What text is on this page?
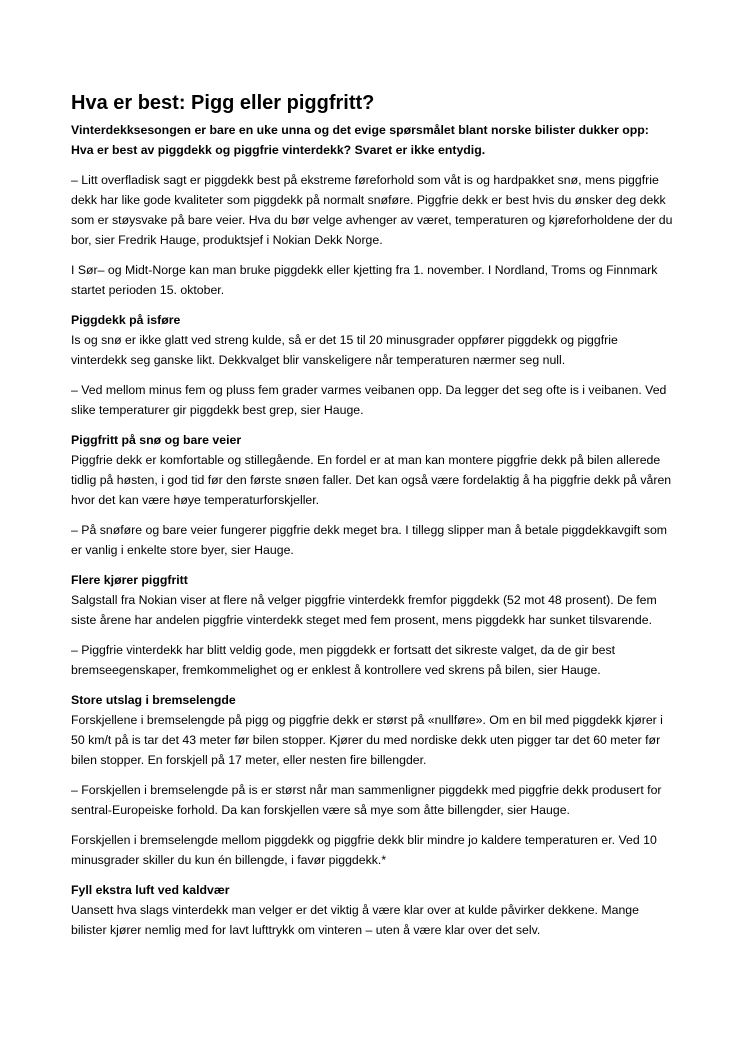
Hva er best: Pigg eller piggfritt?

Vinterdekksesongen er bare en uke unna og det evige spørsmålet blant norske bilister dukker opp: Hva er best av piggdekk og piggfrie vinterdekk? Svaret er ikke entydig.

– Litt overfladisk sagt er piggdekk best på ekstreme føreforhold som våt is og hardpakket snø, mens piggfrie dekk har like gode kvaliteter som piggdekk på normalt snøføre. Piggfrie dekk er best hvis du ønsker deg dekk som er støysvake på bare veier. Hva du bør velge avhenger av været, temperaturen og kjøreforholdene der du bor, sier Fredrik Hauge, produktsjef i Nokian Dekk Norge.

I Sør– og Midt-Norge kan man bruke piggdekk eller kjetting fra 1. november. I Nordland, Troms og Finnmark startet perioden 15. oktober.

Piggdekk på isføre

Is og snø er ikke glatt ved streng kulde, så er det 15 til 20 minusgrader oppfører piggdekk og piggfrie vinterdekk seg ganske likt. Dekkvalget blir vanskeligere når temperaturen nærmer seg null.

– Ved mellom minus fem og pluss fem grader varmes veibanen opp. Da legger det seg ofte is i veibanen. Ved slike temperaturer gir piggdekk best grep, sier Hauge.

Piggfritt på snø og bare veier

Piggfrie dekk er komfortable og stillegående. En fordel er at man kan montere piggfrie dekk på bilen allerede tidlig på høsten, i god tid før den første snøen faller. Det kan også være fordelaktig å ha piggfrie dekk på våren hvor det kan være høye temperaturforskjeller.

– På snøføre og bare veier fungerer piggfrie dekk meget bra. I tillegg slipper man å betale piggdekkavgift som er vanlig i enkelte store byer, sier Hauge.

Flere kjører piggfritt

Salgstall fra Nokian viser at flere nå velger piggfrie vinterdekk fremfor piggdekk (52 mot 48 prosent). De fem siste årene har andelen piggfrie vinterdekk steget med fem prosent, mens piggdekk har sunket tilsvarende.

– Piggfrie vinterdekk har blitt veldig gode, men piggdekk er fortsatt det sikreste valget, da de gir best bremseegenskaper, fremkommelighet og er enklest å kontrollere ved skrens på bilen, sier Hauge.

Store utslag i bremselengde

Forskjellene i bremselengde på pigg og piggfrie dekk er størst på «nullføre». Om en bil med piggdekk kjører i 50 km/t på is tar det 43 meter før bilen stopper. Kjører du med nordiske dekk uten pigger tar det 60 meter før bilen stopper. En forskjell på 17 meter, eller nesten fire billengder.

– Forskjellen i bremselengde på is er størst når man sammenligner piggdekk med piggfrie dekk produsert for sentral-Europeiske forhold. Da kan forskjellen være så mye som åtte billengder, sier Hauge.

Forskjellen i bremselengde mellom piggdekk og piggfrie dekk blir mindre jo kaldere temperaturen er. Ved 10 minusgrader skiller du kun én billengde, i favør piggdekk.*

Fyll ekstra luft ved kaldvær

Uansett hva slags vinterdekk man velger er det viktig å være klar over at kulde påvirker dekkene. Mange bilister kjører nemlig med for lavt lufttrykk om vinteren – uten å være klar over det selv.
